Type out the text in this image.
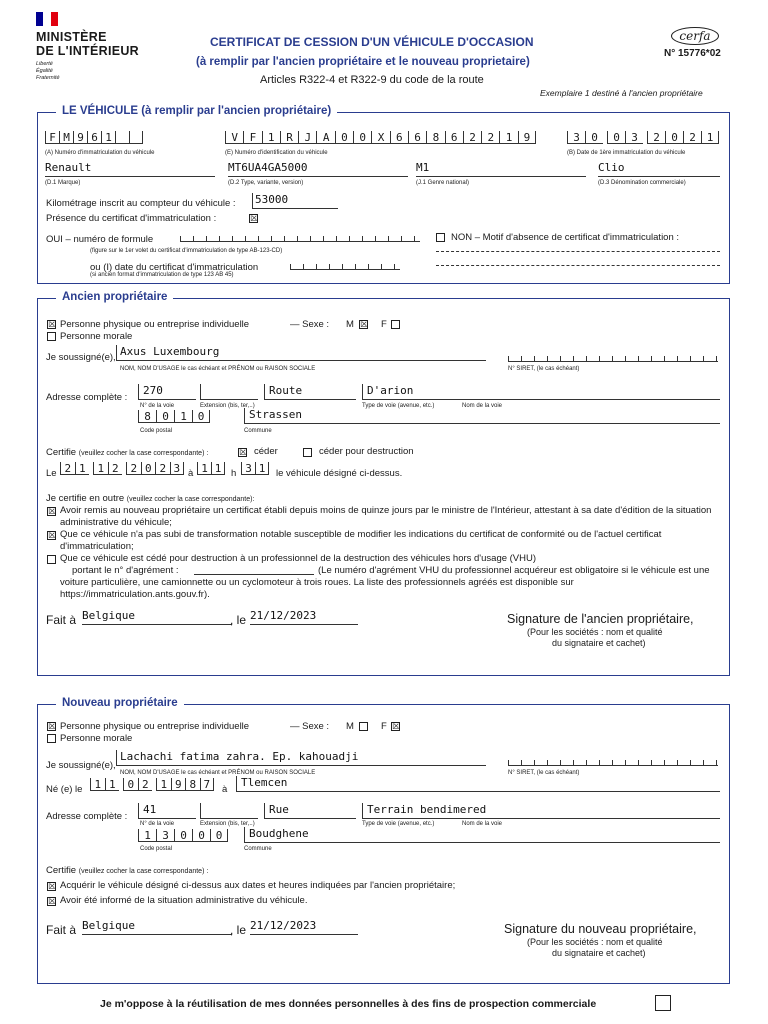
MINISTÈRE
DE L'INTÉRIEUR
Liberté
Égalité
Fraternité
CERTIFICAT DE CESSION D'UN VÉHICULE D'OCCASION
(à remplir par l'ancien propriétaire et le nouveau proprietaire)
Articles R322-4 et R322-9 du code de la route
cerfa
N° 15776*02
Exemplaire 1 destiné à l'ancien propriétaire
LE VÉHICULE (à remplir par l'ancien propriétaire)
F M 9 6 1
(A) Numéro d'immatriculation du véhicule
V	F	1	R	J	A	0	0	X	6	6	8	6	2	2	1	9
(E) Numéro d'identification du véhicule
3	0	0	3	2	0	2 1
(B) Date de 1ère immatriculation du véhicule
Renault
(D.1 Marque)
MT6UA4GA5000
(D.2 Type, variante, version)
M1
(J.1 Genre national)
Clio
(D.3 Dénomination commerciale)
Kilométrage inscrit au compteur du véhicule : 53000
Présence du certificat d'immatriculation :	☒
OUI – numéro de formule
(figure sur le 1er volet du certificat d'immatriculation de type AB-123-CD)
ou (I) date du certificat d'immatriculation
(si ancien format d'immatriculation de type 123 AB 45)
NON – Motif d'absence de certificat d'immatriculation :
Ancien propriétaire
☒ Personne physique ou entreprise individuelle	— Sexe : M ☒ F
Personne morale
Je soussigné(e), Axus Luxembourg
NOM, NOM D'USAGE le cas échéant et PRÉNOM ou RAISON SOCIALE	N° SIRET, (le cas échéant)
Adresse complète :
270
N° de la voie	Extension (bis, ter,..)
Route
Type de voie (avenue, etc.)
D'arion
Nom de la voie
8	0	1 0
Code postal
Strassen
Commune
Certifie (veuillez cocher la case correspondante) :	☒ céder	céder pour destruction
Le 2 1	1 2	2 0 2 3 à 1 1	h 3 1	le véhicule désigné ci-dessus.
Je certifie en outre (veuillez cocher la case correspondante):
☒ Avoir remis au nouveau propriétaire un certificat établi depuis moins de quinze jours par le ministre de l'Intérieur, attestant à sa date d'édition de la situation administrative du véhicule;
☒ Que ce véhicule n'a pas subi de transformation notable susceptible de modifier les indications du certificat de conformité ou de l'actuel certificat d'immatriculation;
Que ce véhicule est cédé pour destruction à un professionnel de la destruction des véhicules hors d'usage (VHU)
portant le n° d'agrément :	(Le numéro d'agrément VHU du professionnel acquéreur est obligatoire si le véhicule est une voiture particulière, une camionnette ou un cyclomoteur à trois roues. La liste des professionnels agréés est disponible sur https://immatriculation.ants.gouv.fr).
Fait à Belgique	, le 21/12/2023	Signature de l'ancien propriétaire,
(Pour les sociétés : nom et qualité
du signataire et cachet)
Nouveau propriétaire
☒ Personne physique ou entreprise individuelle	— Sexe : M	F ☒
Personne morale
Je soussigné(e),
Lachachi fatima zahra. Ep. kahouadji
NOM, NOM D'USAGE le cas échéant et PRÉNOM ou RAISON SOCIALE	N° SIRET, (le cas échéant)
Né (e) le	1 1	0 2	1 9 8 7	à
Tlemcen
Adresse complète :
41
N° de la voie	Extension (bis, ter,..)
Rue
Type de voie (avenue, etc.)
Terrain bendimered
Nom de la voie
1	3	0	0 0
Code postal
Boudghene
Commune
Certifie (veuillez cocher la case correspondante) :
☒ Acquérir le véhicule désigné ci-dessus aux dates et heures indiquées par l'ancien propriétaire;
☒ Avoir été informé de la situation administrative du véhicule.
Fait à Belgique	, le 21/12/2023	Signature du nouveau propriétaire,
(Pour les sociétés : nom et qualité
du signataire et cachet)
Je m'oppose à la réutilisation de mes données personnelles à des fins de prospection commerciale
